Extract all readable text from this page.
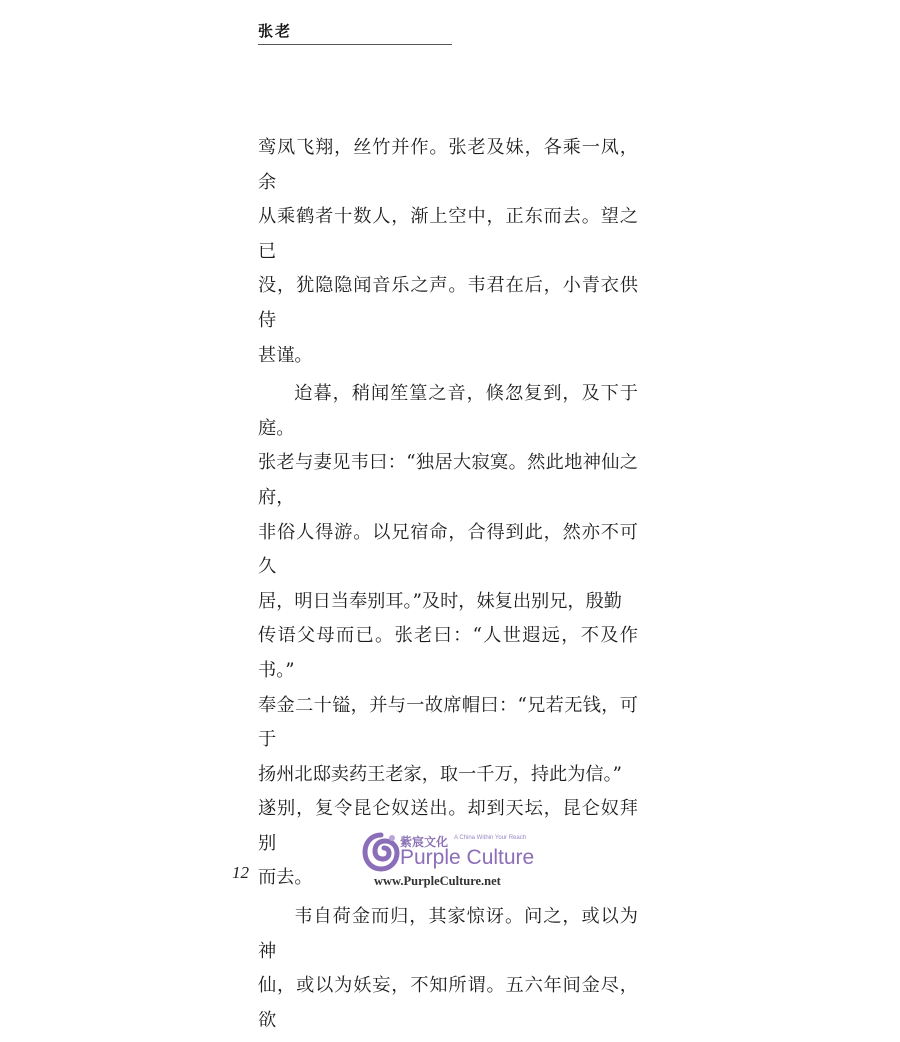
张老

鸾凤飞翔，丝竹并作。张老及妹，各乘一凤，余
从乘鹤者十数人，渐上空中，正东而去。望之已
没，犹隐隐闻音乐之声。韦君在后，小青衣供侍
甚谨。

迨暮，稍闻笙篁之音，倏忽复到，及下于庭。
张老与妻见韦曰：“独居大寂寞。然此地神仙之府，
非俗人得游。以兄宿命，合得到此，然亦不可久
居，明日当奉别耳。”及时，妹复出别兄，殷勤
传语父母而已。张老曰：“人世遐远，不及作书。”
奉金二十镒，并与一故席帽曰：“兄若无钱，可于
扬州北邸卖药王老家，取一千万，持此为信。”
遂别，复令昆仑奴送出。却到天坛，昆仑奴拜别
而去。

韦自荷金而归，其家惊讶。问之，或以为神
仙，或以为妖妄，不知所谓。五六年间金尽，欲

12
紫宸文化 A China Within Your Reach
Purple Culture
www.PurpleCulture.net
